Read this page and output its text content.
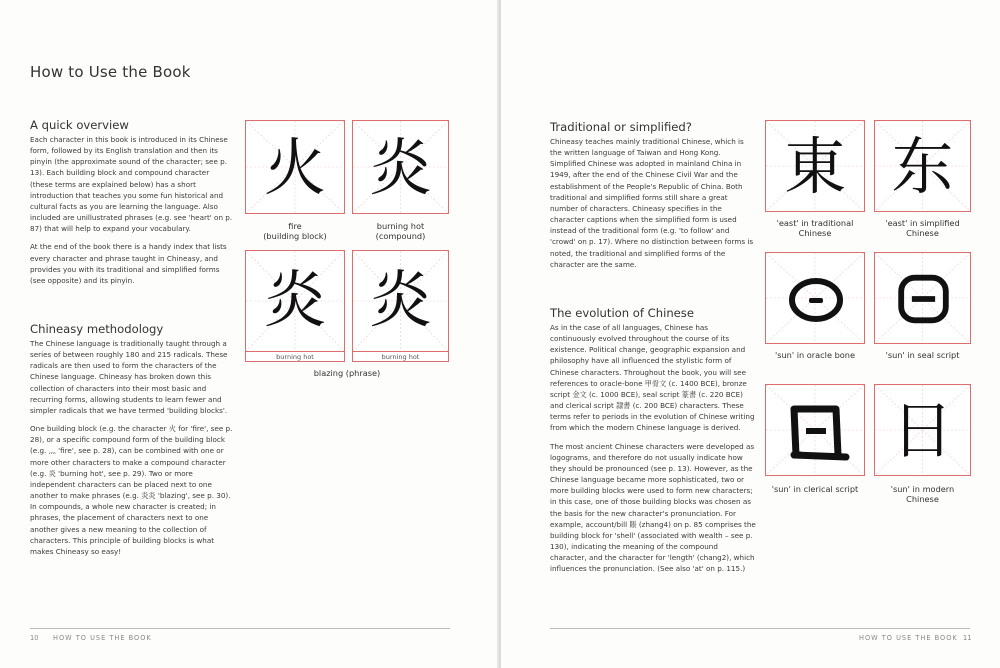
How to Use the Book
A quick overview

Each character in this book is introduced in its Chinese form, followed by its English translation and then its pinyin (the approximate sound of the character; see p. 13). Each building block and compound character (these terms are explained below) has a short introduction that teaches you some fun historical and cultural facts as you are learning the language. Also included are unillustrated phrases (e.g. see 'heart' on p. 87) that will help to expand your vocabulary.

At the end of the book there is a handy index that lists every character and phrase taught in Chineasy, and provides you with its traditional and simplified forms (see opposite) and its pinyin.

Chineasy methodology

The Chinese language is traditionally taught through a series of between roughly 180 and 215 radicals. These radicals are then used to form the characters of the Chinese language. Chineasy has broken down this collection of characters into their most basic and recurring forms, allowing students to learn fewer and simpler radicals that we have termed 'building blocks'.

One building block (e.g. the character 火 for 'fire', see p. 28), or a specific compound form of the building block (e.g. 灬 'fire', see p. 28), can be combined with one or more other characters to make a compound character (e.g. 炎 'burning hot', see p. 29). Two or more independent characters can be placed next to one another to make phrases (e.g. 炎炎 'blazing', see p. 30). In compounds, a whole new character is created; in phrases, the placement of characters next to one another gives a new meaning to the collection of characters. This principle of building blocks is what makes Chineasy so easy!

火
fire
(building block)
炎
burning hot
(compound)
炎
burning hot
炎
burning hot
blazing (phrase)
10 HOW TO USE THE BOOK
Traditional or simplified?

Chineasy teaches mainly traditional Chinese, which is the written language of Taiwan and Hong Kong. Simplified Chinese was adopted in mainland China in 1949, after the end of the Chinese Civil War and the establishment of the People's Republic of China. Both traditional and simplified forms still share a great number of characters. Chineasy specifies in the character captions when the simplified form is used instead of the traditional form (e.g. 'to follow' and 'crowd' on p. 17). Where no distinction between forms is noted, the traditional and simplified forms of the character are the same.

The evolution of Chinese

As in the case of all languages, Chinese has continuously evolved throughout the course of its existence. Political change, geographic expansion and philosophy have all influenced the stylistic form of Chinese characters. Throughout the book, you will see references to oracle-bone 甲骨文 (c. 1400 BCE), bronze script 金文 (c. 1000 BCE), seal script 篆書 (c. 220 BCE) and clerical script 隸書 (c. 200 BCE) characters. These terms refer to periods in the evolution of Chinese writing from which the modern Chinese language is derived.

The most ancient Chinese characters were developed as logograms, and therefore do not usually indicate how they should be pronounced (see p. 13). However, as the Chinese language became more sophisticated, two or more building blocks were used to form new characters; in this case, one of those building blocks was chosen as the basis for the new character's pronunciation. For example, account/bill 賬 (zhang4) on p. 85 comprises the building block for 'shell' (associated with wealth – see p. 130), indicating the meaning of the compound character, and the character for 'length' (chang2), which influences the pronunciation. (See also 'at' on p. 115.)

東
'east' in traditional
Chinese
东
'east' in simplified
Chinese
'sun' in oracle bone	'sun' in seal script
'sun' in clerical script
日
'sun' in modern
Chinese
HOW TO USE THE BOOK 11
